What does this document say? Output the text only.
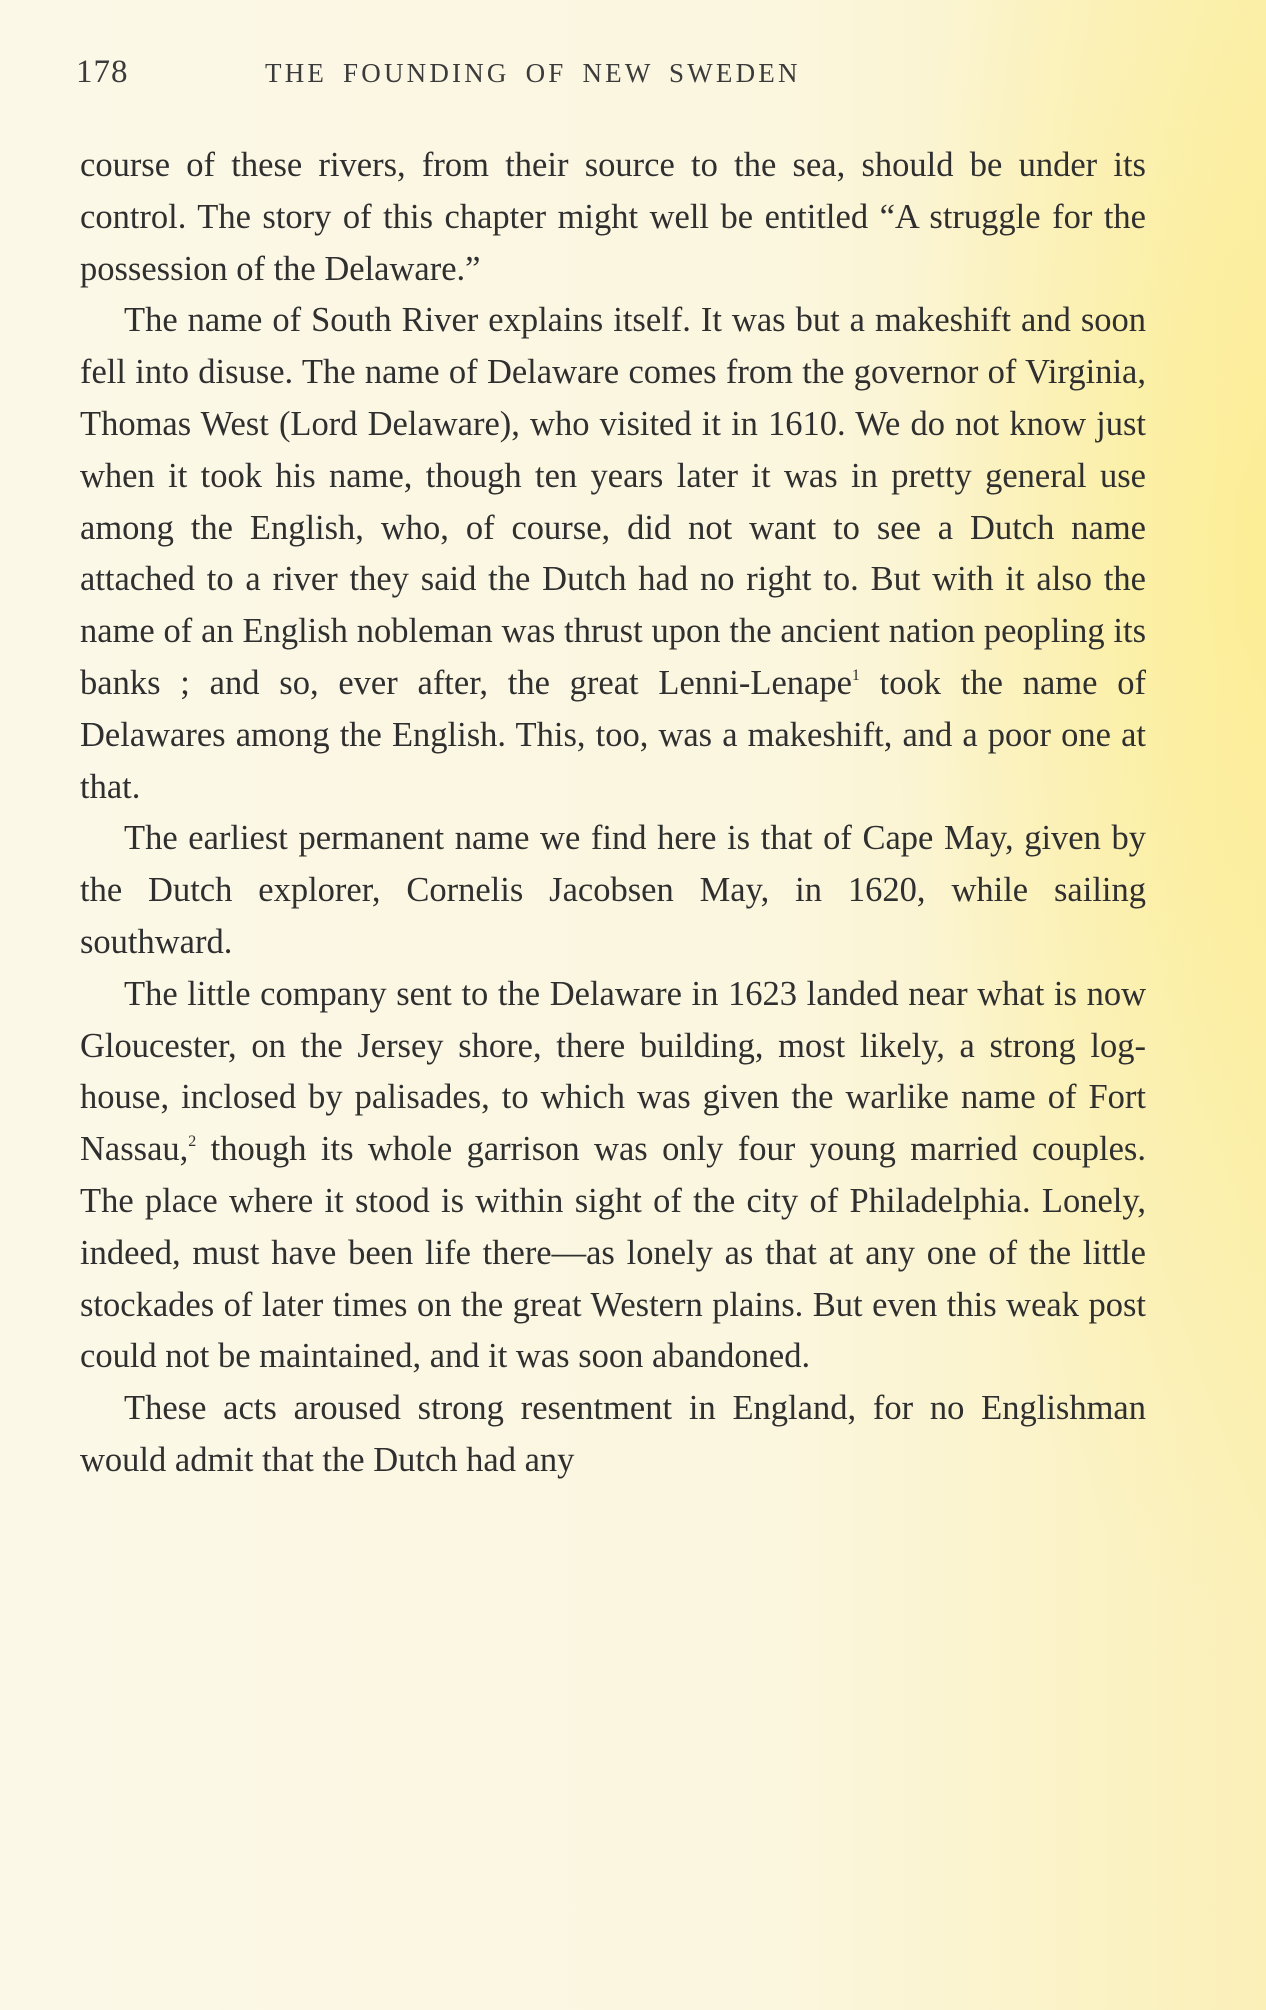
178	THE FOUNDING OF NEW SWEDEN

course of these rivers, from their source to the sea, should be under its control. The story of this chapter might well be entitled “A struggle for the possession of the Delaware.”

The name of South River explains itself. It was but a makeshift and soon fell into disuse. The name of Delaware comes from the governor of Virginia, Thomas West (Lord Delaware), who visited it in 1610. We do not know just when it took his name, though ten years later it was in pretty general use among the English, who, of course, did not want to see a Dutch name attached to a river they said the Dutch had no right to. But with it also the name of an English nobleman was thrust upon the ancient nation peopling its banks ; and so, ever after, the great Lenni-Lenape$^1$ took the name of Delawares among the English. This, too, was a makeshift, and a poor one at that.

The earliest permanent name we find here is that of Cape May, given by the Dutch explorer, Cornelis Jacobsen May, in 1620, while sailing southward.

The little company sent to the Delaware in 1623 landed near what is now Gloucester, on the Jersey shore, there building, most likely, a strong log-house, inclosed by palisades, to which was given the warlike name of Fort Nassau,$^2$ though its whole garrison was only four young married couples. The place where it stood is within sight of the city of Philadelphia. Lonely, indeed, must have been life there—as lonely as that at any one of the little stockades of later times on the great Western plains. But even this weak post could not be maintained, and it was soon abandoned.

These acts aroused strong resentment in England, for no Englishman would admit that the Dutch had any
